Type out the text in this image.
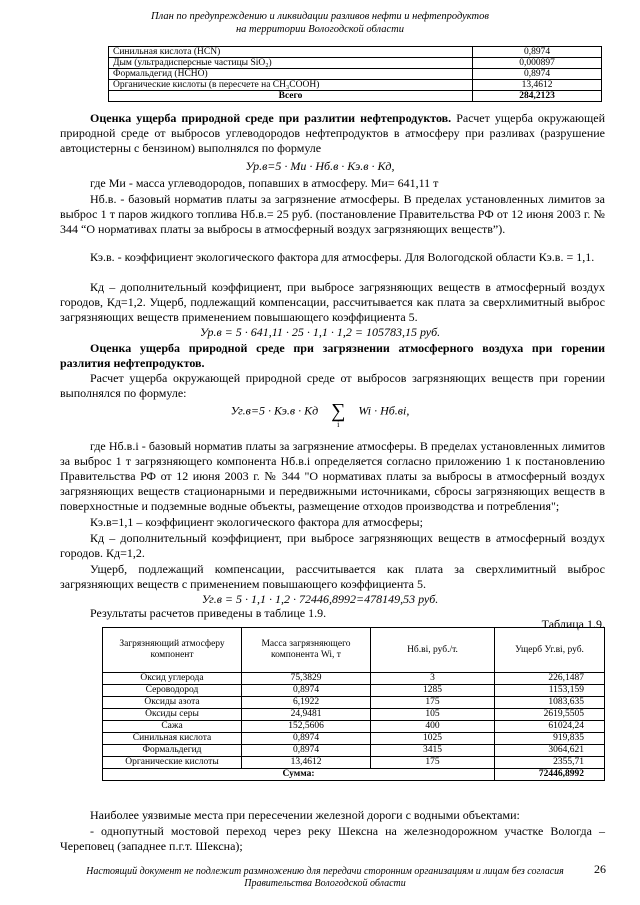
План по предупреждению и ликвидации разливов нефти и нефтепродуктов
на территории Вологодской области
Синильная кислота (HCN)	0,8974
Дым (ультрадисперсные частицы SiO₂)	0,000897
Формальдегид (HCHO)	0,8974
Органические кислоты (в пересчете на CH₃COOH)	13,4612
Всего	284,2123
Оценка ущерба природной среде при разлитии нефтепродуктов. Расчет ущерба окружающей природной среде от выбросов углеводородов нефтепродуктов в атмосферу при разливах (разрушение автоцистерны с бензином) выполнялся по формуле
Ур.в=5 · Ми · Нб.в · Кэ.в · Кд,
где Ми - масса углеводородов, попавших в атмосферу. Ми= 641,11 т
Нб.в. - базовый норматив платы за загрязнение атмосферы. В пределах установленных лимитов за выброс 1 т паров жидкого топлива Нб.в.= 25 руб. (постановление Правительства РФ от 12 июня 2003 г. № 344 “О нормативах платы за выбросы в атмосферный воздух загрязняющих веществ”).
Кэ.в. - коэффициент экологического фактора для атмосферы. Для Вологодской области Кэ.в. = 1,1.
Кд – дополнительный коэффициент, при выбросе загрязняющих веществ в атмосферный воздух городов, Кд=1,2. Ущерб, подлежащий компенсации, рассчитывается как плата за сверхлимитный выброс загрязняющих веществ применением повышающего коэффициента 5.
Ур.в = 5 · 641,11 · 25 · 1,1 · 1,2 = 105783,15 руб.
Оценка ущерба природной среде при загрязнении атмосферного воздуха при горении разлития нефтепродуктов.
Расчет ущерба окружающей природной среде от выбросов загрязняющих веществ при горении выполнялся по формуле:
Уг.в=5 · Кэ.в · Кд ∑
i
Wi · Нб.вi,
где Нб.в.i - базовый норматив платы за загрязнение атмосферы. В пределах установленных лимитов за выброс 1 т загрязняющего компонента Нб.в.i определяется согласно приложению 1 к постановлению Правительства РФ от 12 июня 2003 г. № 344 "О нормативах платы за выбросы в атмосферный воздух загрязняющих веществ стационарными и передвижными источниками, сбросы загрязняющих веществ в поверхностные и подземные водные объекты, размещение отходов производства и потребления";
Кэ.в=1,1 – коэффициент экологического фактора для атмосферы;
Кд – дополнительный коэффициент, при выбросе загрязняющих веществ в атмосферный воздух городов. Кд=1,2.
Ущерб, подлежащий компенсации, рассчитывается как плата за сверхлимитный выброс загрязняющих веществ с применением повышающего коэффициента 5.
Уг.в = 5 · 1,1 · 1,2 · 72446,8992=478149,53 руб.
Результаты расчетов приведены в таблице 1.9.
Таблица 1.9.
Загрязняющий атмосферу компонент	Масса загрязняющего компонента Wi, т	Нб.вi, руб./т.	Ущерб Уг.вi, руб.
Оксид углерода	75,3829	3	226,1487
Сероводород	0,8974	1285	1153,159
Оксиды азота	6,1922	175	1083,635
Оксиды серы	24,9481	105	2619,5505
Сажа	152,5606	400	61024,24
Синильная кислота	0,8974	1025	919,835
Формальдегид	0,8974	3415	3064,621
Органические кислоты	13,4612	175	2355,71
Сумма:			72446,8992
Наиболее уязвимые места при пересечении железной дороги с водными объектами:
- однопутный мостовой переход через реку Шексна на железнодорожном участке Вологда – Череповец (западнее п.г.т. Шексна);
Настоящий документ не подлежит размножению для передачи сторонним организациям и лицам без согласия Правительства Вологодской области
26
